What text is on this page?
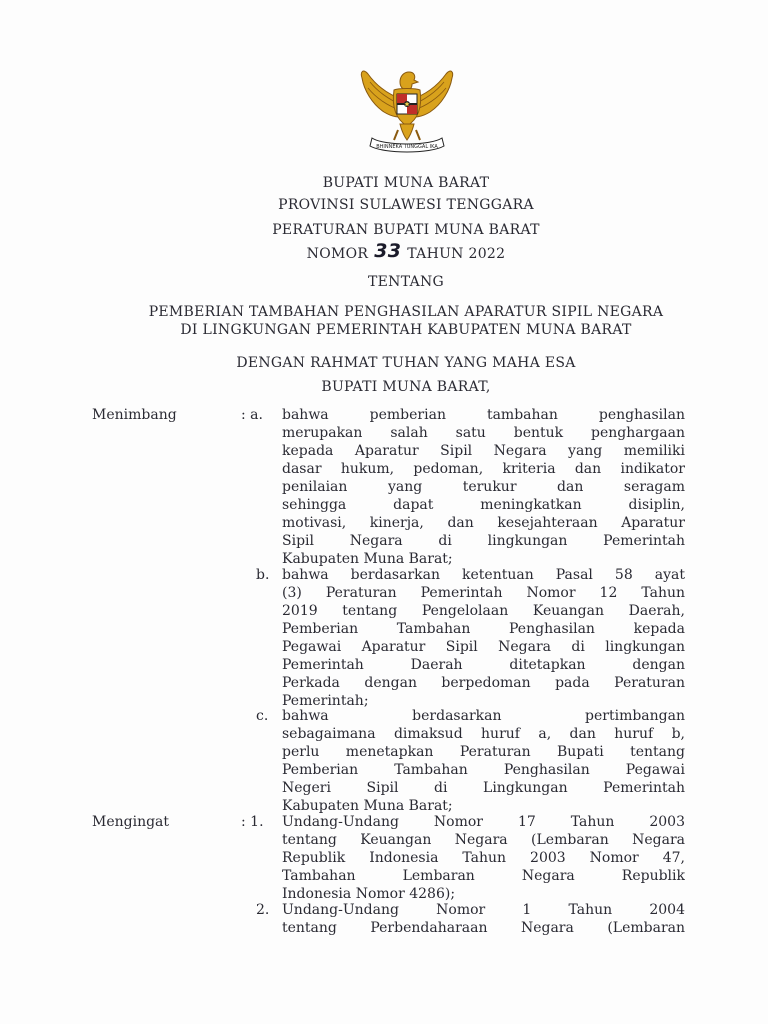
BHINNEKA TUNGGAL IKA
BUPATI MUNA BARAT
PROVINSI SULAWESI TENGGARA
PERATURAN BUPATI MUNA BARAT
NOMOR 33 TAHUN 2022
TENTANG
PEMBERIAN TAMBAHAN PENGHASILAN APARATUR SIPIL NEGARA
DI LINGKUNGAN PEMERINTAH KABUPATEN MUNA BARAT
DENGAN RAHMAT TUHAN YANG MAHA ESA
BUPATI MUNA BARAT,
Menimbang	: a. bahwa pemberian tambahan penghasilan
merupakan salah satu bentuk penghargaan
kepada Aparatur Sipil Negara yang memiliki
dasar hukum, pedoman, kriteria dan indikator
penilaian yang terukur dan seragam
sehingga dapat meningkatkan disiplin,
motivasi, kinerja, dan kesejahteraan Aparatur
Sipil Negara di lingkungan Pemerintah
Kabupaten Muna Barat;
b. bahwa berdasarkan ketentuan Pasal 58 ayat
(3) Peraturan Pemerintah Nomor 12 Tahun
2019 tentang Pengelolaan Keuangan Daerah,
Pemberian Tambahan Penghasilan kepada
Pegawai Aparatur Sipil Negara di lingkungan
Pemerintah Daerah ditetapkan dengan
Perkada dengan berpedoman pada Peraturan
Pemerintah;
c. bahwa berdasarkan pertimbangan
sebagaimana dimaksud huruf a, dan huruf b,
perlu menetapkan Peraturan Bupati tentang
Pemberian Tambahan Penghasilan Pegawai
Negeri Sipil di Lingkungan Pemerintah
Kabupaten Muna Barat;
Mengingat	: 1. Undang-Undang Nomor 17 Tahun 2003
tentang Keuangan Negara (Lembaran Negara
Republik Indonesia Tahun 2003 Nomor 47,
Tambahan Lembaran Negara Republik
Indonesia Nomor 4286);
2. Undang-Undang Nomor 1 Tahun 2004
tentang Perbendaharaan Negara (Lembaran
